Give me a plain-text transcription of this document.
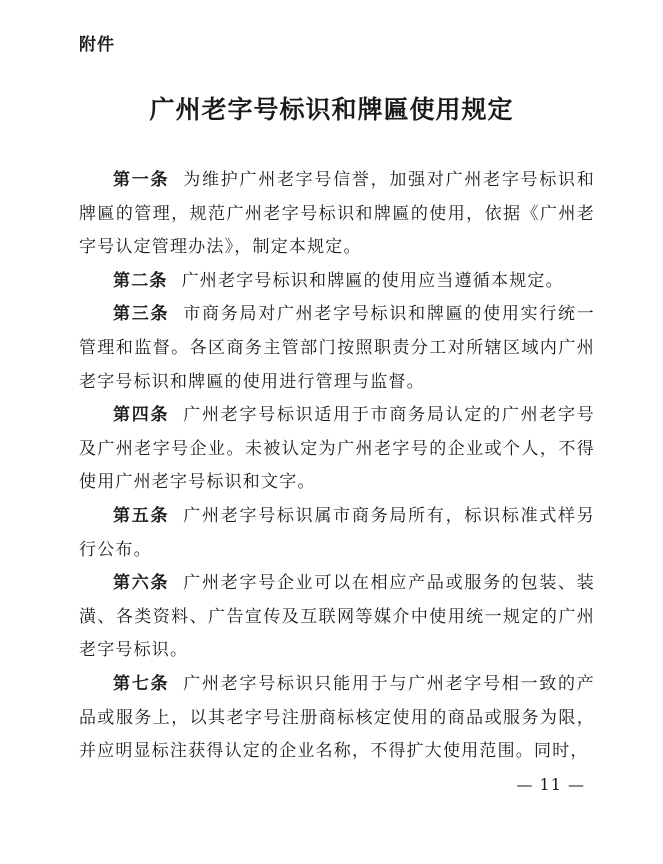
附件
广州老字号标识和牌匾使用规定

第一条 为维护广州老字号信誉，加强对广州老字号标识和牌匾的管理，规范广州老字号标识和牌匾的使用，依据《广州老字号认定管理办法》，制定本规定。

第二条 广州老字号标识和牌匾的使用应当遵循本规定。

第三条 市商务局对广州老字号标识和牌匾的使用实行统一管理和监督。各区商务主管部门按照职责分工对所辖区域内广州老字号标识和牌匾的使用进行管理与监督。

第四条 广州老字号标识适用于市商务局认定的广州老字号及广州老字号企业。未被认定为广州老字号的企业或个人，不得使用广州老字号标识和文字。

第五条 广州老字号标识属市商务局所有，标识标准式样另行公布。

第六条 广州老字号企业可以在相应产品或服务的包装、装潢、各类资料、广告宣传及互联网等媒介中使用统一规定的广州老字号标识。

第七条 广州老字号标识只能用于与广州老字号相一致的产品或服务上，以其老字号注册商标核定使用的商品或服务为限，并应明显标注获得认定的企业名称，不得扩大使用范围。同时，

— 11 —
